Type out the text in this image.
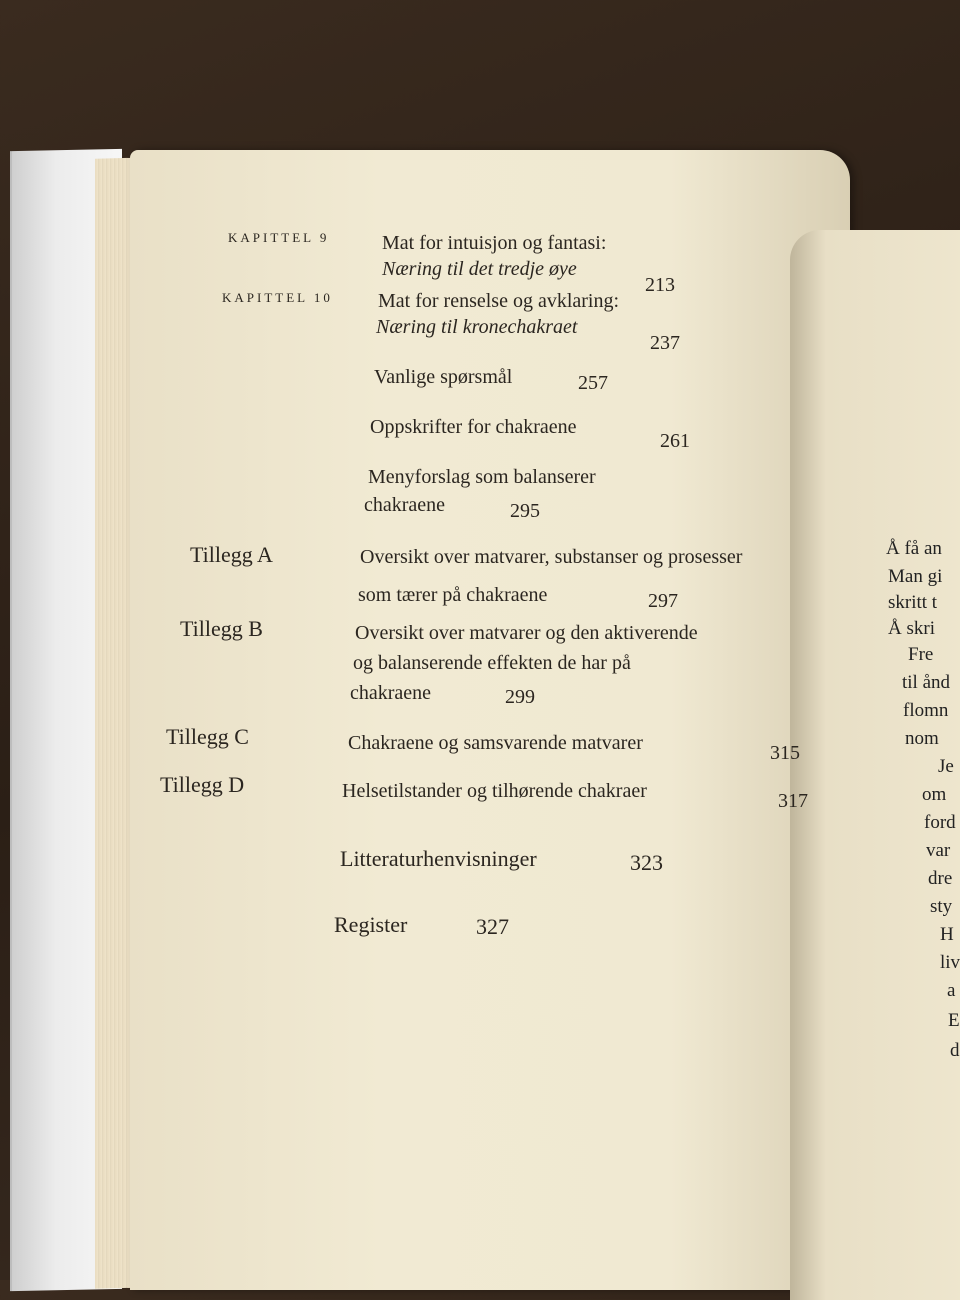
Å få an
Man gi
skritt t
Å skri
Fre
til ånd
flomn
nom
Je
om
ford
var
dre
sty
H
liv
a
E
d
KAPITTEL 9	Mat for intuisjon og fantasi:
Næring til det tredje øye
213
KAPITTEL 10 Mat for renselse og avklaring:
Næring til kronechakraet
237
Vanlige spørsmål	257
Oppskrifter for chakraene
261
Menyforslag som balanserer
chakraene	295
Tillegg A	Oversikt over matvarer, substanser og prosesser
som tærer på chakraene	297
Tillegg B	Oversikt over matvarer og den aktiverende
og balanserende effekten de har på
chakraene	299
Tillegg C	Chakraene og samsvarende matvarer	315
Tillegg D	Helsetilstander og tilhørende chakraer	317
Litteraturhenvisninger	323
Register	327
